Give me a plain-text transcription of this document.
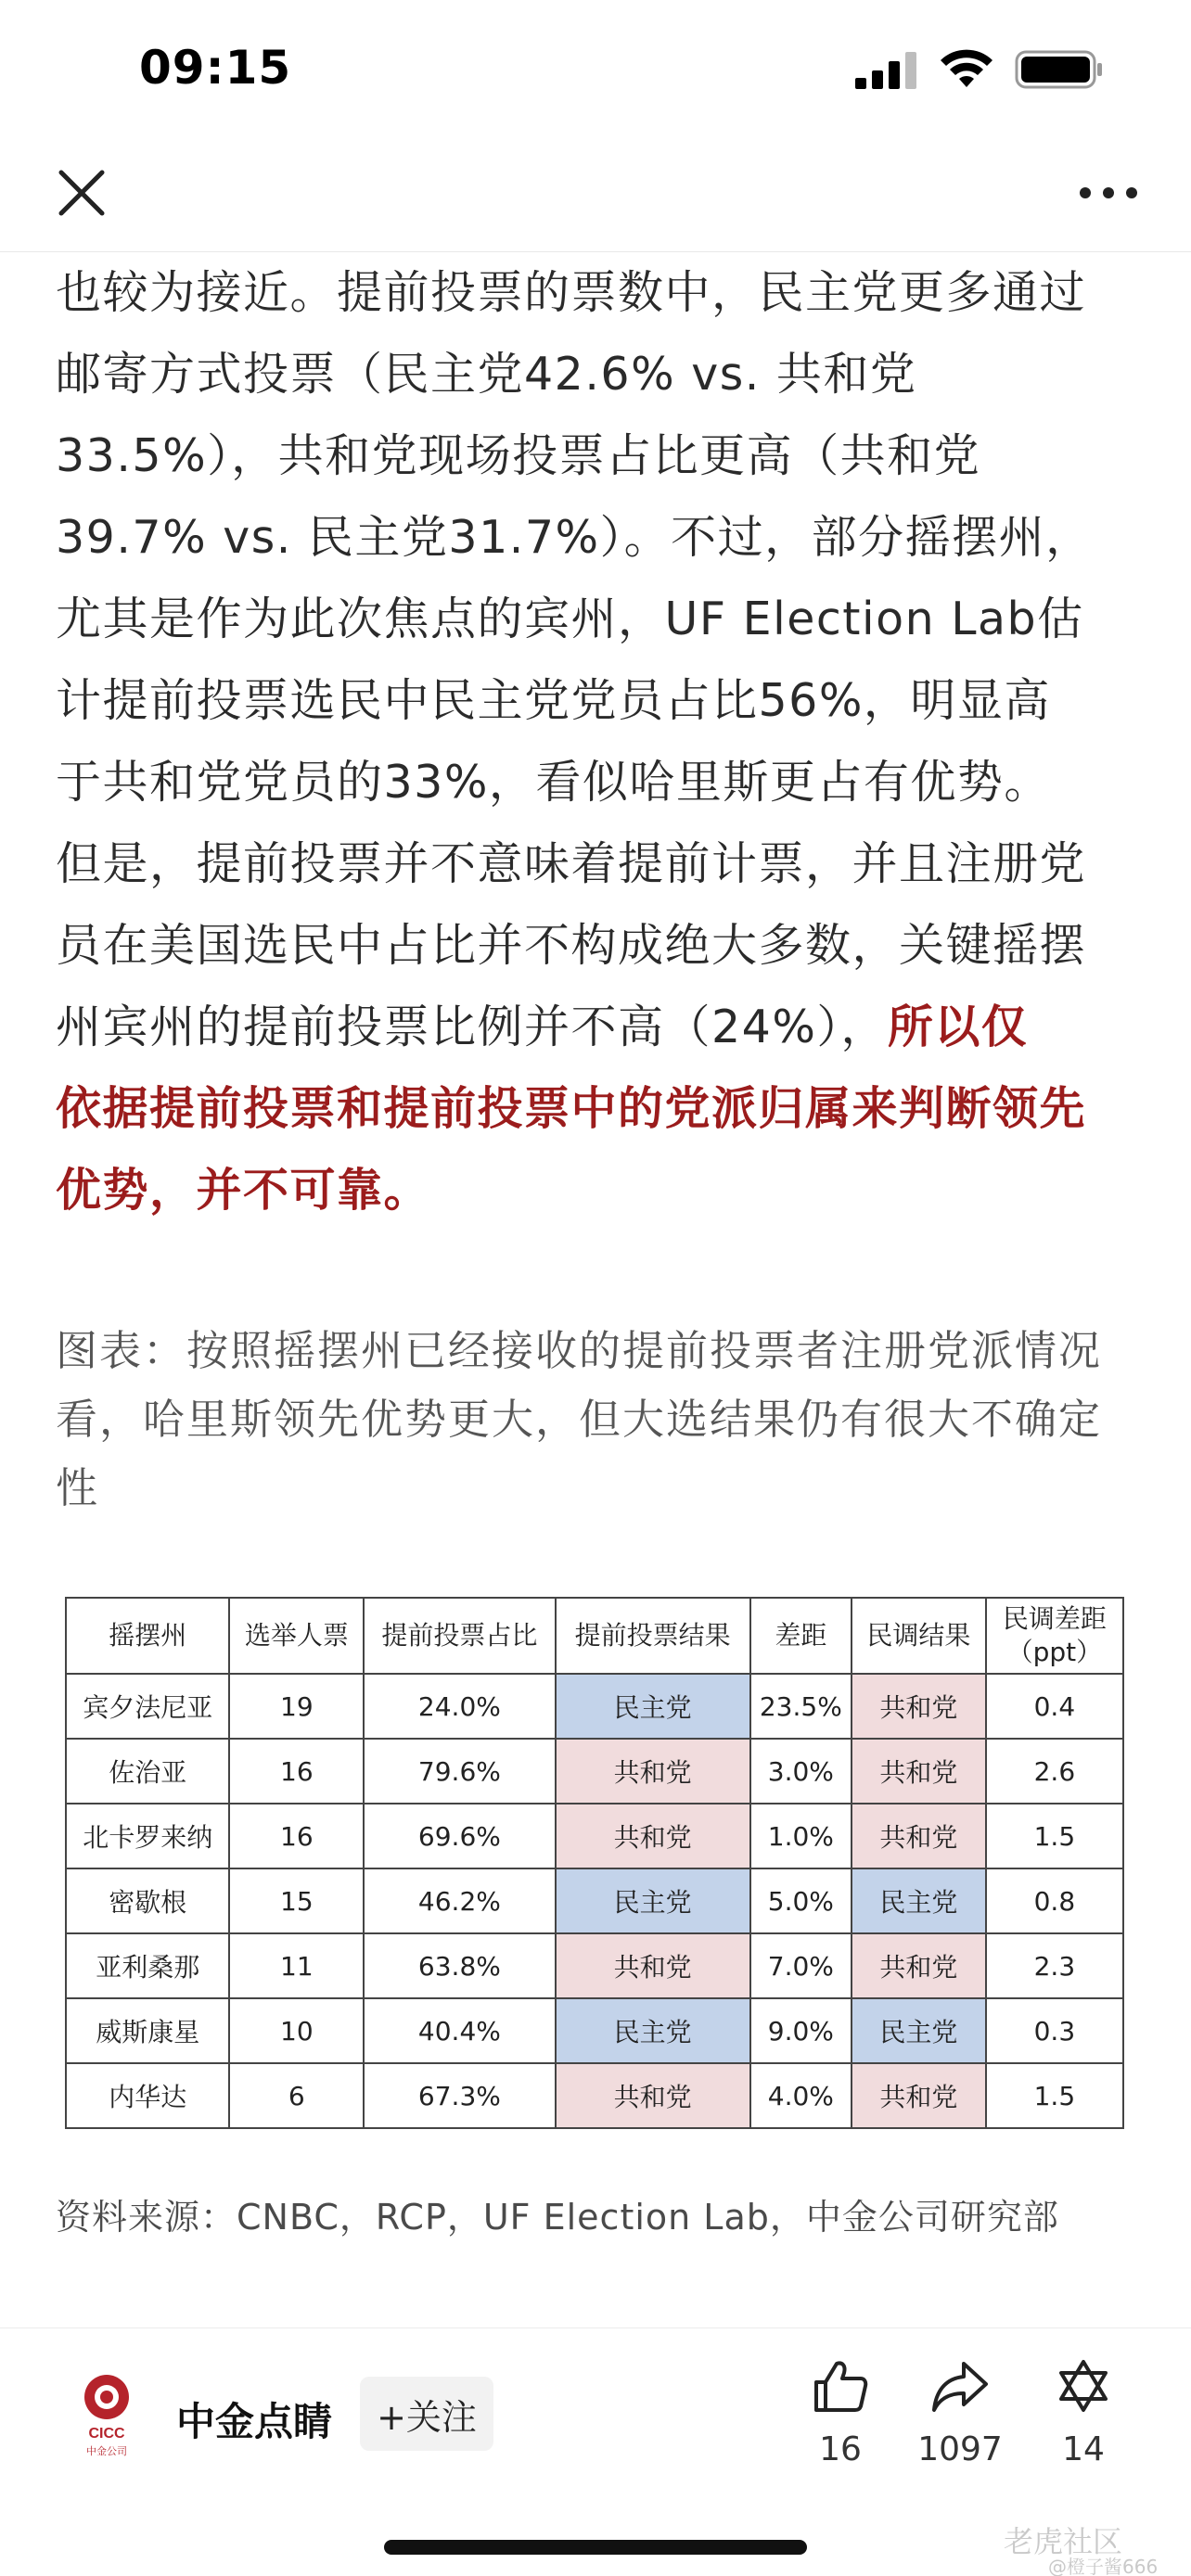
09:15
也较为接近。提前投票的票数中，民主党更多通过
邮寄方式投票（民主党42.6% vs. 共和党
33.5%），共和党现场投票占比更高（共和党
39.7% vs. 民主党31.7%）。不过，部分摇摆州，
尤其是作为此次焦点的宾州，UF Election Lab估
计提前投票选民中民主党党员占比56%，明显高
于共和党党员的33%，看似哈里斯更占有优势。
但是，提前投票并不意味着提前计票，并且注册党
员在美国选民中占比并不构成绝大多数，关键摇摆
州宾州的提前投票比例并不高（24%），所以仅
依据提前投票和提前投票中的党派归属来判断领先
优势，并不可靠。
图表：按照摇摆州已经接收的提前投票者注册党派情况看，哈里斯领先优势更大，但大选结果仍有很大不确定性
摇摆州	选举人票	提前投票占比	提前投票结果	差距	民调结果	民调差距（ppt）
宾夕法尼亚	19	24.0%	民主党	23.5%	共和党	0.4
佐治亚	16	79.6%	共和党	3.0%	共和党	2.6
北卡罗来纳	16	69.6%	共和党	1.0%	共和党	1.5
密歇根	15	46.2%	民主党	5.0%	民主党	0.8
亚利桑那	11	63.8%	共和党	7.0%	共和党	2.3
威斯康星	10	40.4%	民主党	9.0%	民主党	0.3
内华达	6	67.3%	共和党	4.0%	共和党	1.5
资料来源：CNBC，RCP，UF Election Lab，中金公司研究部
CICC
中金公司
中金点睛	+关注
16	1097	14
老虎社区
@橙子酱666
